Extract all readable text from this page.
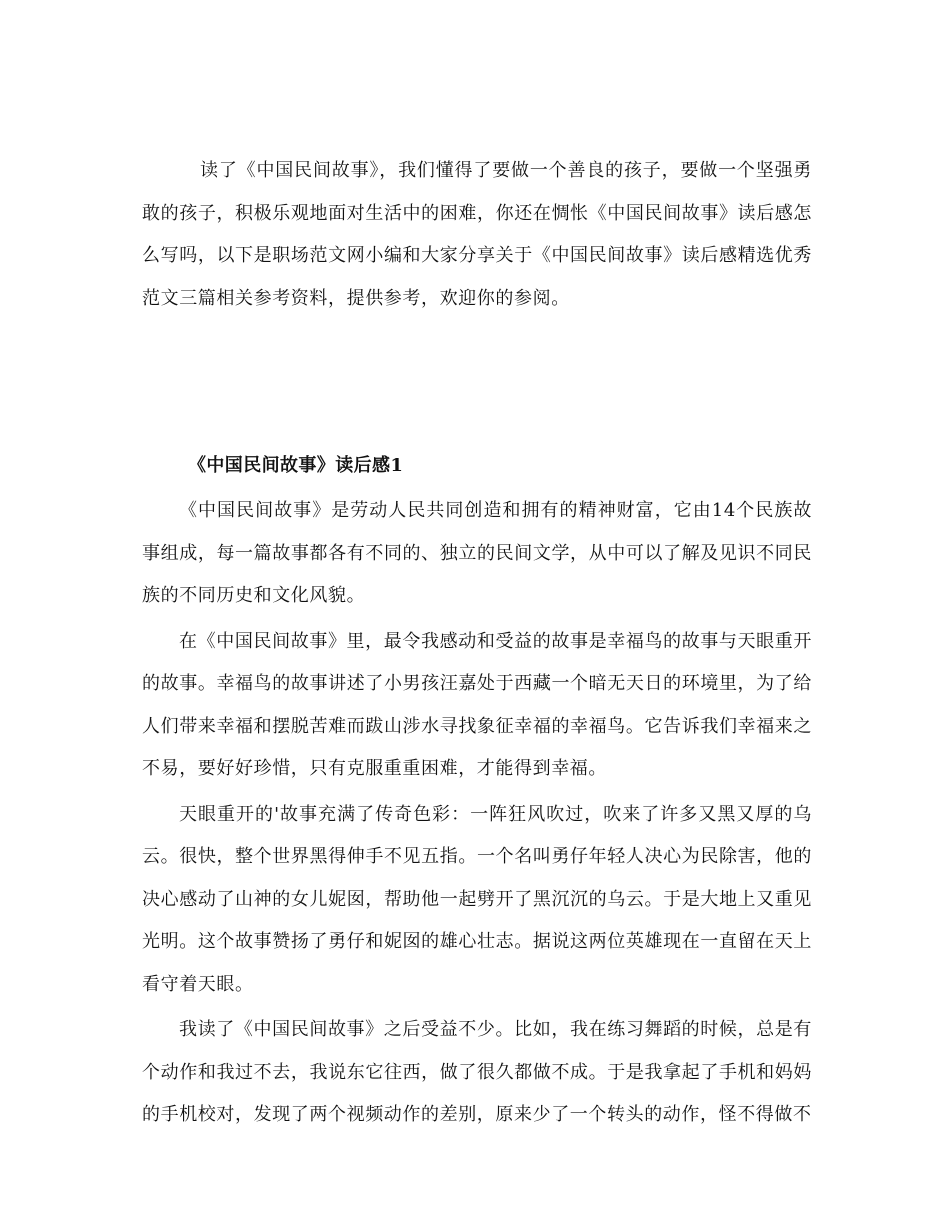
读了《中国民间故事》，我们懂得了要做一个善良的孩子，要做一个坚强勇敢的孩子，积极乐观地面对生活中的困难，你还在惆怅《中国民间故事》读后感怎么写吗，以下是职场范文网小编和大家分享关于《中国民间故事》读后感精选优秀范文三篇相关参考资料，提供参考，欢迎你的参阅。

《中国民间故事》读后感1

《中国民间故事》是劳动人民共同创造和拥有的精神财富，它由14个民族故事组成，每一篇故事都各有不同的、独立的民间文学，从中可以了解及见识不同民族的不同历史和文化风貌。

在《中国民间故事》里，最令我感动和受益的故事是幸福鸟的故事与天眼重开的故事。幸福鸟的故事讲述了小男孩汪嘉处于西藏一个暗无天日的环境里，为了给人们带来幸福和摆脱苦难而跋山涉水寻找象征幸福的幸福鸟。它告诉我们幸福来之不易，要好好珍惜，只有克服重重困难，才能得到幸福。

天眼重开的'故事充满了传奇色彩：一阵狂风吹过，吹来了许多又黑又厚的乌云。很快，整个世界黑得伸手不见五指。一个名叫勇仔年轻人决心为民除害，他的决心感动了山神的女儿妮囡，帮助他一起劈开了黑沉沉的乌云。于是大地上又重见光明。这个故事赞扬了勇仔和妮囡的雄心壮志。据说这两位英雄现在一直留在天上看守着天眼。

我读了《中国民间故事》之后受益不少。比如，我在练习舞蹈的时候，总是有个动作和我过不去，我说东它往西，做了很久都做不成。于是我拿起了手机和妈妈的手机校对，发现了两个视频动作的差别，原来少了一个转头的动作，怪不得做不
